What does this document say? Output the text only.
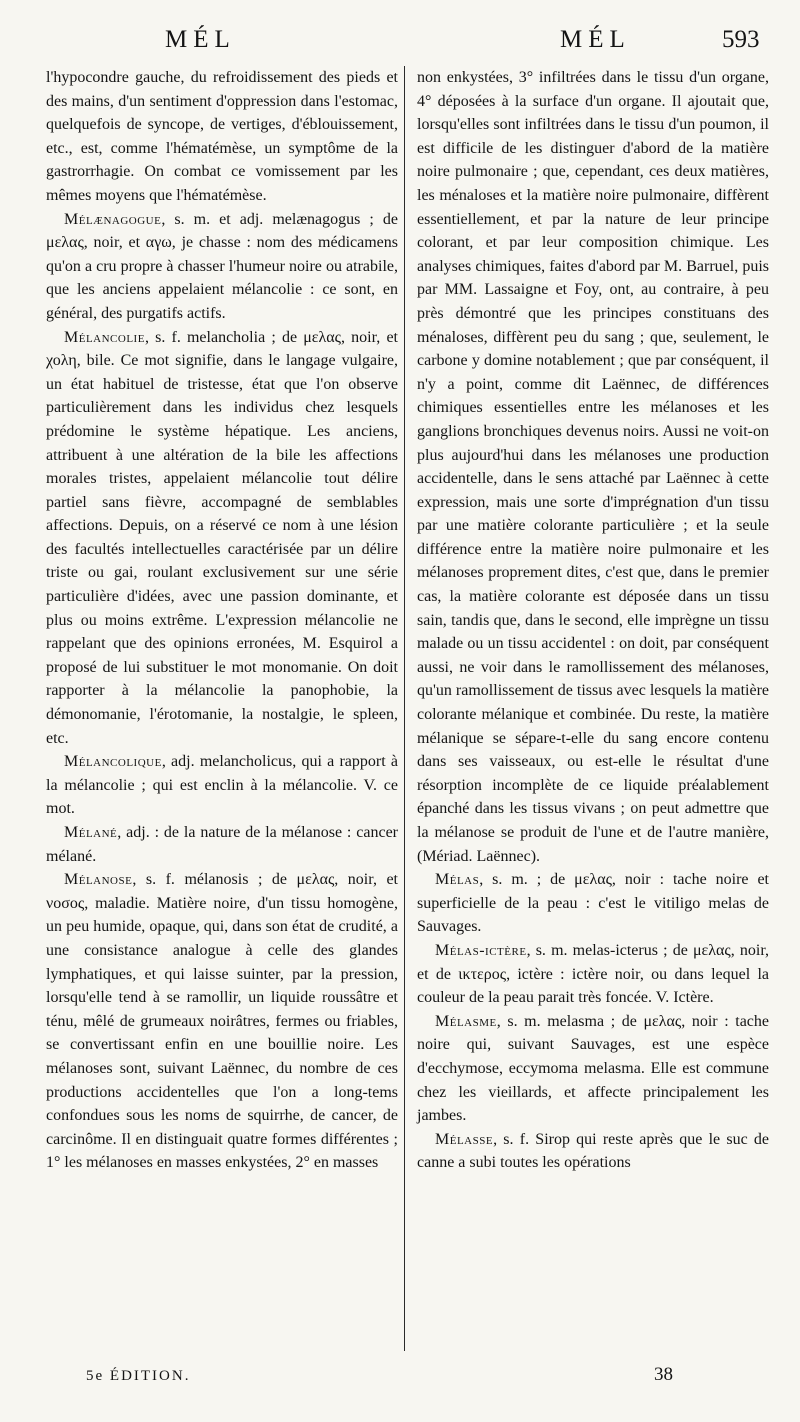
MÉL	MÉL	593

l'hypocondre gauche, du refroidissement des pieds et des mains, d'un sentiment d'oppression dans l'estomac, quelquefois de syncope, de vertiges, d'éblouissement, etc., est, comme l'hématémèse, un symptôme de la gastrorrhagie. On combat ce vomissement par les mêmes moyens que l'hématémèse.

Mélænagogue, s. m. et adj. melænagogus ; de μελας, noir, et αγω, je chasse : nom des médicamens qu'on a cru propre à chasser l'humeur noire ou atrabile, que les anciens appelaient mélancolie : ce sont, en général, des purgatifs actifs.

Mélancolie, s. f. melancholia ; de μελας, noir, et χολη, bile. Ce mot signifie, dans le langage vulgaire, un état habituel de tristesse, état que l'on observe particulièrement dans les individus chez lesquels prédomine le système hépatique. Les anciens, attribuent à une altération de la bile les affections morales tristes, appelaient mélancolie tout délire partiel sans fièvre, accompagné de semblables affections. Depuis, on a réservé ce nom à une lésion des facultés intellectuelles caractérisée par un délire triste ou gai, roulant exclusivement sur une série particulière d'idées, avec une passion dominante, et plus ou moins extrême. L'expression mélancolie ne rappelant que des opinions erronées, M. Esquirol a proposé de lui substituer le mot monomanie. On doit rapporter à la mélancolie la panophobie, la démonomanie, l'érotomanie, la nostalgie, le spleen, etc.

Mélancolique, adj. melancholicus, qui a rapport à la mélancolie ; qui est enclin à la mélancolie. V. ce mot.

Mélané, adj. : de la nature de la mélanose : cancer mélané.

Mélanose, s. f. mélanosis ; de μελας, noir, et νοσος, maladie. Matière noire, d'un tissu homogène, un peu humide, opaque, qui, dans son état de crudité, a une consistance analogue à celle des glandes lymphatiques, et qui laisse suinter, par la pression, lorsqu'elle tend à se ramollir, un liquide roussâtre et ténu, mêlé de grumeaux noirâtres, fermes ou friables, se convertissant enfin en une bouillie noire. Les mélanoses sont, suivant Laënnec, du nombre de ces productions accidentelles que l'on a long-tems confondues sous les noms de squirrhe, de cancer, de carcinôme. Il en distinguait quatre formes différentes ; 1° les mélanoses en masses enkystées, 2° en masses

non enkystées, 3° infiltrées dans le tissu d'un organe, 4° déposées à la surface d'un organe. Il ajoutait que, lorsqu'elles sont infiltrées dans le tissu d'un poumon, il est difficile de les distinguer d'abord de la matière noire pulmonaire ; que, cependant, ces deux matières, les ménaloses et la matière noire pulmonaire, diffèrent essentiellement, et par la nature de leur principe colorant, et par leur composition chimique. Les analyses chimiques, faites d'abord par M. Barruel, puis par MM. Lassaigne et Foy, ont, au contraire, à peu près démontré que les principes constituans des ménaloses, diffèrent peu du sang ; que, seulement, le carbone y domine notablement ; que par conséquent, il n'y a point, comme dit Laënnec, de différences chimiques essentielles entre les mélanoses et les ganglions bronchiques devenus noirs. Aussi ne voit-on plus aujourd'hui dans les mélanoses une production accidentelle, dans le sens attaché par Laënnec à cette expression, mais une sorte d'imprégnation d'un tissu par une matière colorante particulière ; et la seule différence entre la matière noire pulmonaire et les mélanoses proprement dites, c'est que, dans le premier cas, la matière colorante est déposée dans un tissu sain, tandis que, dans le second, elle imprègne un tissu malade ou un tissu accidentel : on doit, par conséquent aussi, ne voir dans le ramollissement des mélanoses, qu'un ramollissement de tissus avec lesquels la matière colorante mélanique et combinée. Du reste, la matière mélanique se sépare-t-elle du sang encore contenu dans ses vaisseaux, ou est-elle le résultat d'une résorption incomplète de ce liquide préalablement épanché dans les tissus vivans ; on peut admettre que la mélanose se produit de l'une et de l'autre manière, (Mériad. Laënnec).

Mélas, s. m. ; de μελας, noir : tache noire et superficielle de la peau : c'est le vitiligo melas de Sauvages.

Mélas-ictère, s. m. melas-icterus ; de μελας, noir, et de ικτερος, ictère : ictère noir, ou dans lequel la couleur de la peau parait très foncée. V. Ictère.

Mélasme, s. m. melasma ; de μελας, noir : tache noire qui, suivant Sauvages, est une espèce d'ecchymose, eccymoma melasma. Elle est commune chez les vieillards, et affecte principalement les jambes.

Mélasse, s. f. Sirop qui reste après que le suc de canne a subi toutes les opérations

5e ÉDITION.	38
